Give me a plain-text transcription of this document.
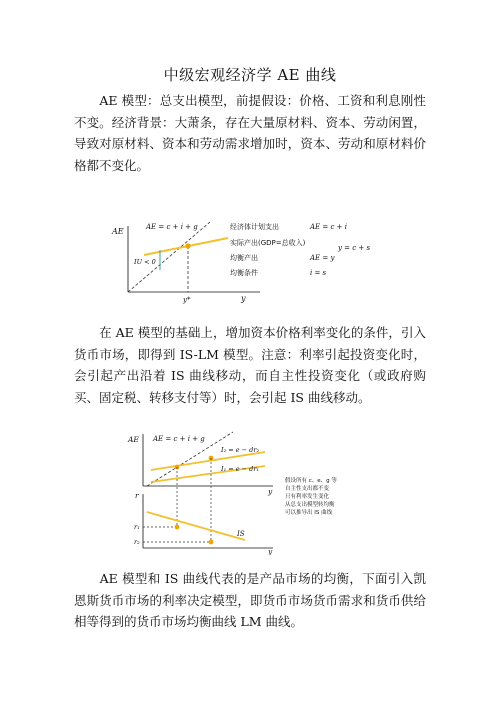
中级宏观经济学 AE 曲线

　　AE 模型：总支出模型，前提假设：价格、工资和利息刚性不变。经济背景：大萧条，存在大量原材料、资本、劳动闲置，导致对原材料、资本和劳动需求增加时，资本、劳动和原材料价格都不变化。

AE
y
AE = c + i + g
IU < 0
y*
经济体计划支出	AE = c + i
实际产出(GDP=总收入)
y = c + s
均衡产出	AE = y
均衡条件	i = s

　　在 AE 模型的基础上，增加资本价格利率变化的条件，引入货币市场，即得到 IS-LM 模型。注意：利率引起投资变化时，会引起产出沿着 IS 曲线移动，而自主性投资变化（或政府购买、固定税、转移支付等）时，会引起 IS 曲线移动。

AE
y
AE = c + i + g
I₂ = e − dr₂
I₁ = e − dr₁
r
y
IS
r₁
r₂
假设所有 c、e、g 等
自主性支出都不变
只有利率发生变化
从总支出模型转均衡
可以推导出 IS 曲线

　　AE 模型和 IS 曲线代表的是产品市场的均衡，下面引入凯恩斯货币市场的利率决定模型，即货币市场货币需求和货币供给相等得到的货币市场均衡曲线 LM 曲线。
